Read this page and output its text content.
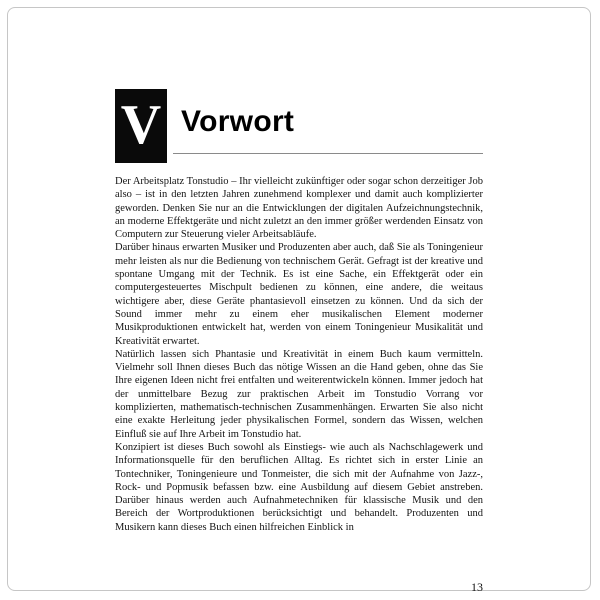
V Vorwort

Der Arbeitsplatz Tonstudio – Ihr vielleicht zukünftiger oder sogar schon derzeitiger Job also – ist in den letzten Jahren zunehmend komplexer und damit auch komplizierter geworden. Denken Sie nur an die Entwicklungen der digitalen Aufzeichnungstechnik, an moderne Effektgeräte und nicht zuletzt an den immer größer werdenden Einsatz von Computern zur Steuerung vieler Arbeitsabläufe.

Darüber hinaus erwarten Musiker und Produzenten aber auch, daß Sie als Toningenieur mehr leisten als nur die Bedienung von technischem Gerät. Gefragt ist der kreative und spontane Umgang mit der Technik. Es ist eine Sache, ein Effektgerät oder ein computergesteuertes Mischpult bedienen zu können, eine andere, die weitaus wichtigere aber, diese Geräte phantasievoll einsetzen zu können. Und da sich der Sound immer mehr zu einem eher musikalischen Element moderner Musikproduktionen entwickelt hat, werden von einem Toningenieur Musikalität und Kreativität erwartet.

Natürlich lassen sich Phantasie und Kreativität in einem Buch kaum vermitteln. Vielmehr soll Ihnen dieses Buch das nötige Wissen an die Hand geben, ohne das Sie Ihre eigenen Ideen nicht frei entfalten und weiterentwickeln können. Immer jedoch hat der unmittelbare Bezug zur praktischen Arbeit im Tonstudio Vorrang vor komplizierten, mathematisch-technischen Zusammenhängen. Erwarten Sie also nicht eine exakte Herleitung jeder physikalischen Formel, sondern das Wissen, welchen Einfluß sie auf Ihre Arbeit im Tonstudio hat.

Konzipiert ist dieses Buch sowohl als Einstiegs- wie auch als Nachschlagewerk und Informationsquelle für den beruflichen Alltag. Es richtet sich in erster Linie an Tontechniker, Toningenieure und Tonmeister, die sich mit der Aufnahme von Jazz-, Rock- und Popmusik befassen bzw. eine Ausbildung auf diesem Gebiet anstreben. Darüber hinaus werden auch Aufnahmetechniken für klassische Musik und den Bereich der Wortproduktionen berücksichtigt und behandelt. Produzenten und Musikern kann dieses Buch einen hilfreichen Einblick in

13
